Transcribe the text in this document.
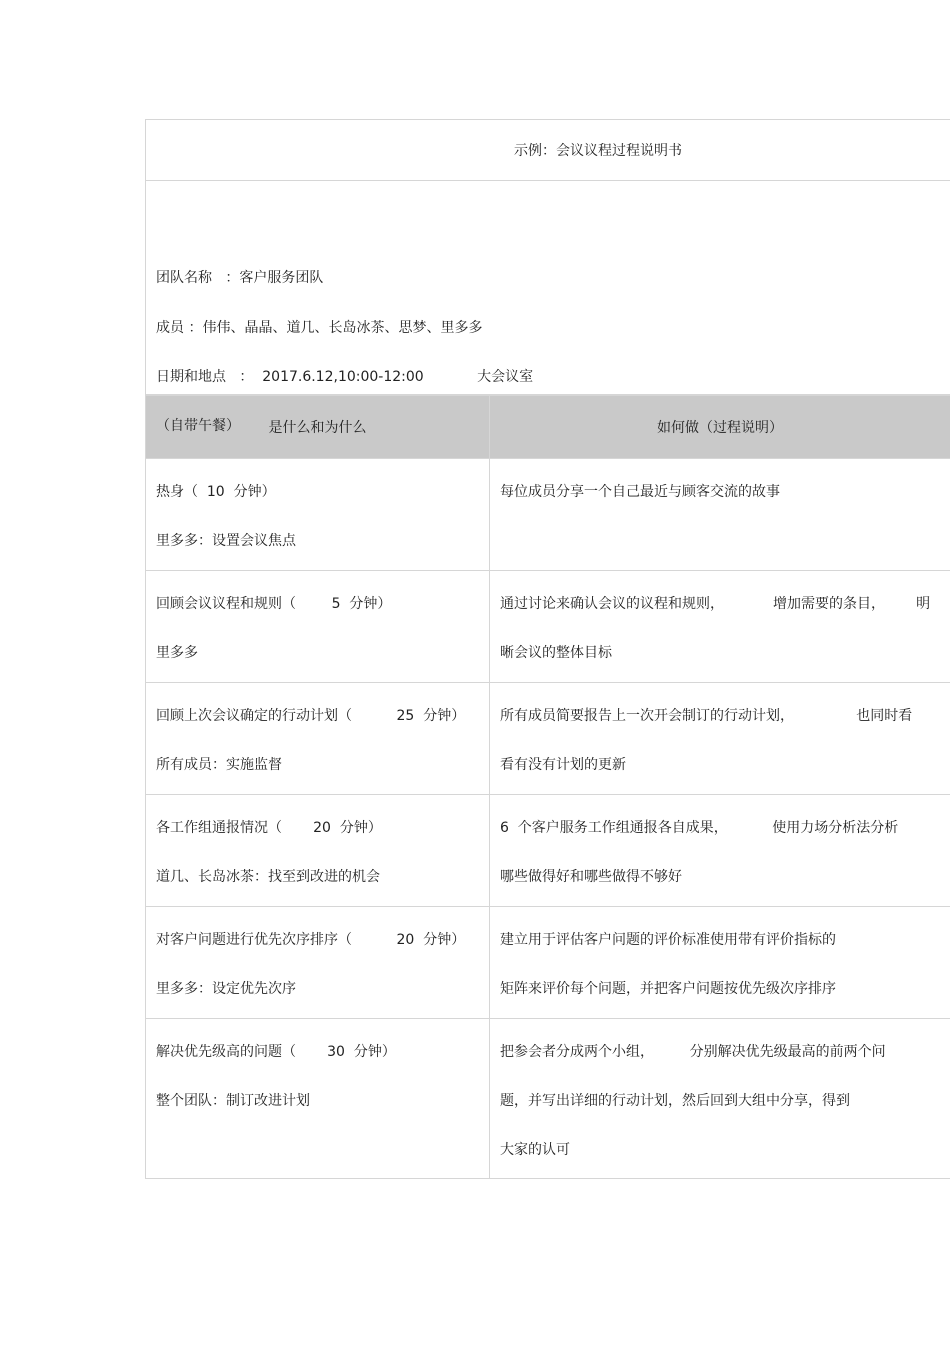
示例：会议议程过程说明书
团队名称   ：客户服务团队
成员 ：伟伟、晶晶、道几、长岛冰茶、思梦、里多多
日期和地点   ：  2017.6.12,10:00-12:00            大会议室
（自带午餐） 是什么和为什么	如何做（过程说明）

热身（  10  分钟）
里多多：设置会议焦点	每位成员分享一个自己最近与顾客交流的故事

回顾会议议程和规则（        5  分钟）
里多多	通过讨论来确认会议的议程和规则，           增加需要的条目，       明
晰会议的整体目标

回顾上次会议确定的行动计划（          25  分钟）
所有成员：实施监督	所有成员简要报告上一次开会制订的行动计划，              也同时看
看有没有计划的更新

各工作组通报情况（       20  分钟）
道几、长岛冰茶：找至到改进的机会	6  个客户服务工作组通报各自成果，          使用力场分析法分析
哪些做得好和哪些做得不够好

对客户问题进行优先次序排序（          20  分钟）
里多多：设定优先次序	建立用于评估客户问题的评价标准使用带有评价指标的
矩阵来评价每个问题，并把客户问题按优先级次序排序

解决优先级高的问题（       30  分钟）
整个团队：制订改进计划	把参会者分成两个小组，        分别解决优先级最高的前两个问
题，并写出详细的行动计划，然后回到大组中分享，得到
大家的认可
